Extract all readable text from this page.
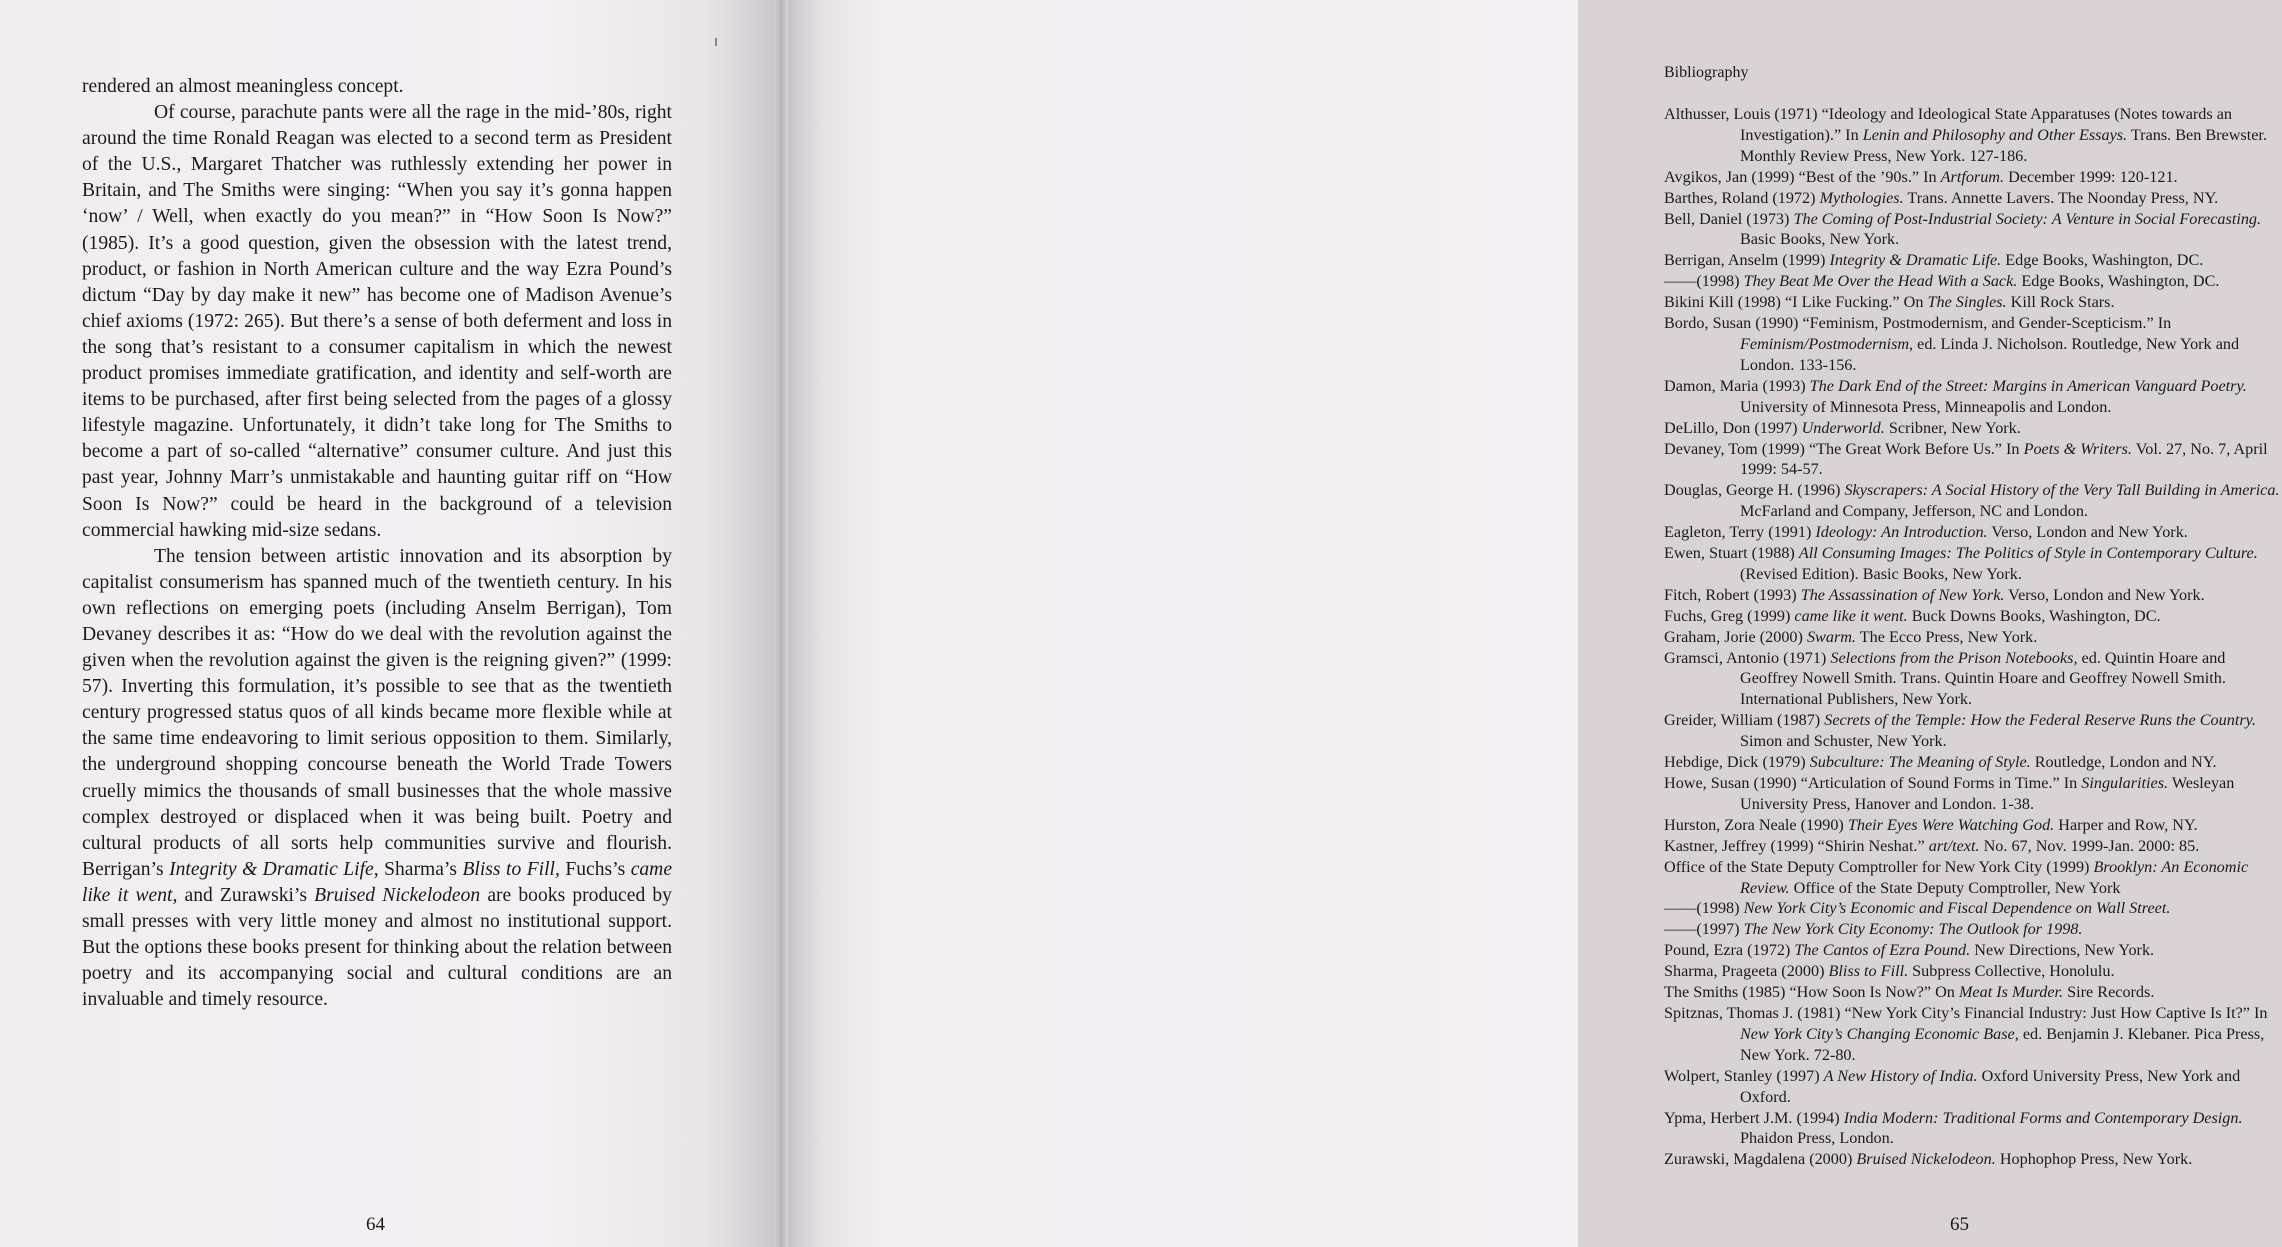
rendered an almost meaningless concept.

Of course, parachute pants were all the rage in the mid-’80s, right around the time Ronald Reagan was elected to a second term as President of the U.S., Margaret Thatcher was ruthlessly extending her power in Britain, and The Smiths were singing: “When you say it’s gonna happen ‘now’ / Well, when exactly do you mean?” in “How Soon Is Now?” (1985). It’s a good question, given the obsession with the latest trend, product, or fashion in North American culture and the way Ezra Pound’s dictum “Day by day make it new” has become one of Madison Avenue’s chief axioms (1972: 265). But there’s a sense of both deferment and loss in the song that’s resistant to a consumer capitalism in which the newest product promises immediate gratification, and identity and self-worth are items to be purchased, after first being selected from the pages of a glossy lifestyle magazine. Unfortunately, it didn’t take long for The Smiths to become a part of so-called “alternative” consumer culture. And just this past year, Johnny Marr’s unmistakable and haunting guitar riff on “How Soon Is Now?” could be heard in the background of a television commercial hawking mid-size sedans.

The tension between artistic innovation and its absorption by capitalist consumerism has spanned much of the twentieth century. In his own reflections on emerging poets (including Anselm Berrigan), Tom Devaney describes it as: “How do we deal with the revolution against the given when the revolution against the given is the reigning given?” (1999: 57). Inverting this formulation, it’s possible to see that as the twentieth century progressed status quos of all kinds became more flexible while at the same time endeavoring to limit serious opposition to them. Similarly, the underground shopping concourse beneath the World Trade Towers cruelly mimics the thousands of small businesses that the whole massive complex destroyed or displaced when it was being built. Poetry and cultural products of all sorts help communities survive and flourish. Berrigan’s Integrity & Dramatic Life, Sharma’s Bliss to Fill, Fuchs’s came like it went, and Zurawski’s Bruised Nickelodeon are books produced by small presses with very little money and almost no institutional support. But the options these books present for thinking about the relation between poetry and its accompanying social and cultural conditions are an invaluable and timely resource.

64
Bibliography
Althusser, Louis (1971) “Ideology and Ideological State Apparatuses (Notes towards an Investigation).” In Lenin and Philosophy and Other Essays. Trans. Ben Brewster. Monthly Review Press, New York. 127-186.
Avgikos, Jan (1999) “Best of the ’90s.” In Artforum. December 1999: 120-121.
Barthes, Roland (1972) Mythologies. Trans. Annette Lavers. The Noonday Press, NY.
Bell, Daniel (1973) The Coming of Post-Industrial Society: A Venture in Social Forecasting. Basic Books, New York.
Berrigan, Anselm (1999) Integrity & Dramatic Life. Edge Books, Washington, DC.
——(1998) They Beat Me Over the Head With a Sack. Edge Books, Washington, DC.
Bikini Kill (1998) “I Like Fucking.” On The Singles. Kill Rock Stars.
Bordo, Susan (1990) “Feminism, Postmodernism, and Gender-Scepticism.” In Feminism/Postmodernism, ed. Linda J. Nicholson. Routledge, New York and London. 133-156.
Damon, Maria (1993) The Dark End of the Street: Margins in American Vanguard Poetry. University of Minnesota Press, Minneapolis and London.
DeLillo, Don (1997) Underworld. Scribner, New York.
Devaney, Tom (1999) “The Great Work Before Us.” In Poets & Writers. Vol. 27, No. 7, April 1999: 54-57.
Douglas, George H. (1996) Skyscrapers: A Social History of the Very Tall Building in America. McFarland and Company, Jefferson, NC and London.
Eagleton, Terry (1991) Ideology: An Introduction. Verso, London and New York.
Ewen, Stuart (1988) All Consuming Images: The Politics of Style in Contemporary Culture. (Revised Edition). Basic Books, New York.
Fitch, Robert (1993) The Assassination of New York. Verso, London and New York.
Fuchs, Greg (1999) came like it went. Buck Downs Books, Washington, DC.
Graham, Jorie (2000) Swarm. The Ecco Press, New York.
Gramsci, Antonio (1971) Selections from the Prison Notebooks, ed. Quintin Hoare and Geoffrey Nowell Smith. Trans. Quintin Hoare and Geoffrey Nowell Smith. International Publishers, New York.
Greider, William (1987) Secrets of the Temple: How the Federal Reserve Runs the Country. Simon and Schuster, New York.
Hebdige, Dick (1979) Subculture: The Meaning of Style. Routledge, London and NY.
Howe, Susan (1990) “Articulation of Sound Forms in Time.” In Singularities. Wesleyan University Press, Hanover and London. 1-38.
Hurston, Zora Neale (1990) Their Eyes Were Watching God. Harper and Row, NY.
Kastner, Jeffrey (1999) “Shirin Neshat.” art/text. No. 67, Nov. 1999-Jan. 2000: 85.
Office of the State Deputy Comptroller for New York City (1999) Brooklyn: An Economic Review. Office of the State Deputy Comptroller, New York
——(1998) New York City’s Economic and Fiscal Dependence on Wall Street.
——(1997) The New York City Economy: The Outlook for 1998.
Pound, Ezra (1972) The Cantos of Ezra Pound. New Directions, New York.
Sharma, Prageeta (2000) Bliss to Fill. Subpress Collective, Honolulu.
The Smiths (1985) “How Soon Is Now?” On Meat Is Murder. Sire Records.
Spitznas, Thomas J. (1981) “New York City’s Financial Industry: Just How Captive Is It?” In New York City’s Changing Economic Base, ed. Benjamin J. Klebaner. Pica Press, New York. 72-80.
Wolpert, Stanley (1997) A New History of India. Oxford University Press, New York and Oxford.
Ypma, Herbert J.M. (1994) India Modern: Traditional Forms and Contemporary Design. Phaidon Press, London.
Zurawski, Magdalena (2000) Bruised Nickelodeon. Hophophop Press, New York.
65
